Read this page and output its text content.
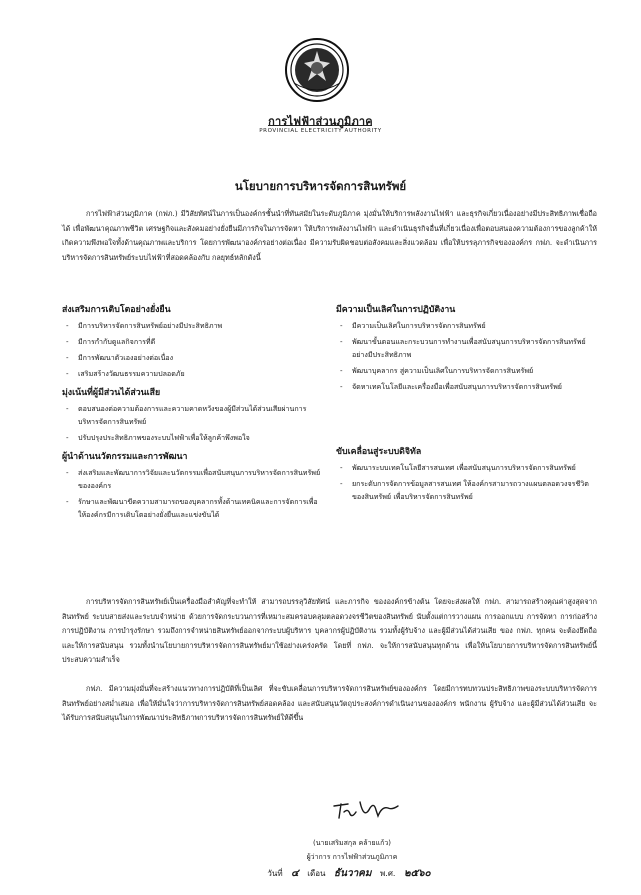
การไฟฟ้าส่วนภูมิภาค
PROVINCIAL ELECTRICITY AUTHORITY
นโยบายการบริหารจัดการสินทรัพย์
การไฟฟ้าส่วนภูมิภาค (กฟภ.) มีวิสัยทัศน์ในการเป็นองค์กรชั้นนำที่ทันสมัยในระดับภูมิภาค มุ่งมั่นให้บริการพลังงานไฟฟ้า และธุรกิจเกี่ยวเนื่องอย่างมีประสิทธิภาพเชื่อถือได้ เพื่อพัฒนาคุณภาพชีวิต เศรษฐกิจและสังคมอย่างยั่งยืนมีภารกิจในการจัดหา ให้บริการพลังงานไฟฟ้า และดำเนินธุรกิจอื่นที่เกี่ยวเนื่องเพื่อตอบสนองความต้องการของลูกค้าให้เกิดความพึงพอใจทั้งด้านคุณภาพและบริการ โดยการพัฒนาองค์กรอย่างต่อเนื่อง มีความรับผิดชอบต่อสังคมและสิ่งแวดล้อม เพื่อให้บรรลุภารกิจขององค์กร กฟภ. จะดำเนินการบริหารจัดการสินทรัพย์ระบบไฟฟ้าที่สอดคล้องกับ กลยุทธ์หลักดังนี้
ส่งเสริมการเติบโตอย่างยั่งยืน
- มีการบริหารจัดการสินทรัพย์อย่างมีประสิทธิภาพ
- มีการกำกับดูแลกิจการที่ดี
- มีการพัฒนาตัวเองอย่างต่อเนื่อง
- เสริมสร้างวัฒนธรรมความปลอดภัย
มุ่งเน้นที่ผู้มีส่วนได้ส่วนเสีย
- ตอบสนองต่อความต้องการและความคาดหวังของผู้มีส่วนได้ส่วนเสียผ่านการบริหารจัดการสินทรัพย์
- ปรับปรุงประสิทธิภาพของระบบไฟฟ้าเพื่อให้ลูกค้าพึงพอใจ
ผู้นำด้านนวัตกรรมและการพัฒนา
- ส่งเสริมและพัฒนาการวิจัยและนวัตกรรมเพื่อสนับสนุนการบริหารจัดการสินทรัพย์ขององค์กร
- รักษาและพัฒนาขีดความสามารถของบุคลากรทั้งด้านเทคนิคและการจัดการเพื่อให้องค์กรมีการเติบโตอย่างยั่งยืนและแข่งขันได้
มีความเป็นเลิศในการปฏิบัติงาน
- มีความเป็นเลิศในการบริหารจัดการสินทรัพย์
- พัฒนาขั้นตอนและกระบวนการทำงานเพื่อสนับสนุนการบริหารจัดการสินทรัพย์อย่างมีประสิทธิภาพ
- พัฒนาบุคลากร สู่ความเป็นเลิศในการบริหารจัดการสินทรัพย์
- จัดหาเทคโนโลยีและเครื่องมือเพื่อสนับสนุนการบริหารจัดการสินทรัพย์
ขับเคลื่อนสู่ระบบดิจิทัล
- พัฒนาระบบเทคโนโลยีสารสนเทศ เพื่อสนับสนุนการบริหารจัดการสินทรัพย์
- ยกระดับการจัดการข้อมูลสารสนเทศ ให้องค์กรสามารถวางแผนตลอดวงจรชีวิตของสินทรัพย์ เพื่อบริหารจัดการสินทรัพย์
การบริหารจัดการสินทรัพย์เป็นเครื่องมือสำคัญที่จะทำให้ สามารถบรรลุวิสัยทัศน์ และภารกิจ ขององค์กรข้างต้น โดยจะส่งผลให้ กฟภ. สามารถสร้างคุณค่าสูงสุดจากสินทรัพย์ ระบบสายส่งและระบบจำหน่าย ด้วยการจัดกระบวนการที่เหมาะสมครอบคลุมตลอดวงจรชีวิตของสินทรัพย์ นับตั้งแต่การวางแผน การออกแบบ การจัดหา การก่อสร้าง การปฏิบัติงาน การบำรุงรักษา รวมถึงการจำหน่ายสินทรัพย์ออกจากระบบผู้บริหาร บุคลากรผู้ปฏิบัติงาน รวมทั้งผู้รับจ้าง และผู้มีส่วนได้ส่วนเสีย ของ กฟภ. ทุกคน จะต้องยึดถือและให้การสนับสนุน รวมทั้งนำนโยบายการบริหารจัดการสินทรัพย์มาใช้อย่างเคร่งครัด โดยที่ กฟภ. จะให้การสนับสนุนทุกด้าน เพื่อให้นโยบายการบริหารจัดการสินทรัพย์นี้ประสบความสำเร็จ
กฟภ. มีความมุ่งมั่นที่จะสร้างแนวทางการปฏิบัติที่เป็นเลิศ ที่จะขับเคลื่อนการบริหารจัดการสินทรัพย์ขององค์กร โดยมีการทบทวนประสิทธิภาพของระบบบริหารจัดการสินทรัพย์อย่างสม่ำเสมอ เพื่อให้มั่นใจว่าการบริหารจัดการสินทรัพย์สอดคล้อง และสนับสนุนวัตถุประสงค์การดำเนินงานขององค์กร พนักงาน ผู้รับจ้าง และผู้มีส่วนได้ส่วนเสีย จะได้รับการสนับสนุนในการพัฒนาประสิทธิภาพการบริหารจัดการสินทรัพย์ให้ดีขึ้น
(นายเสริมสกุล คล้ายแก้ว)
ผู้ว่าการ การไฟฟ้าส่วนภูมิภาค
วันที่ ๔ เดือน ธันวาคม พ.ศ. ๒๕๖๐
